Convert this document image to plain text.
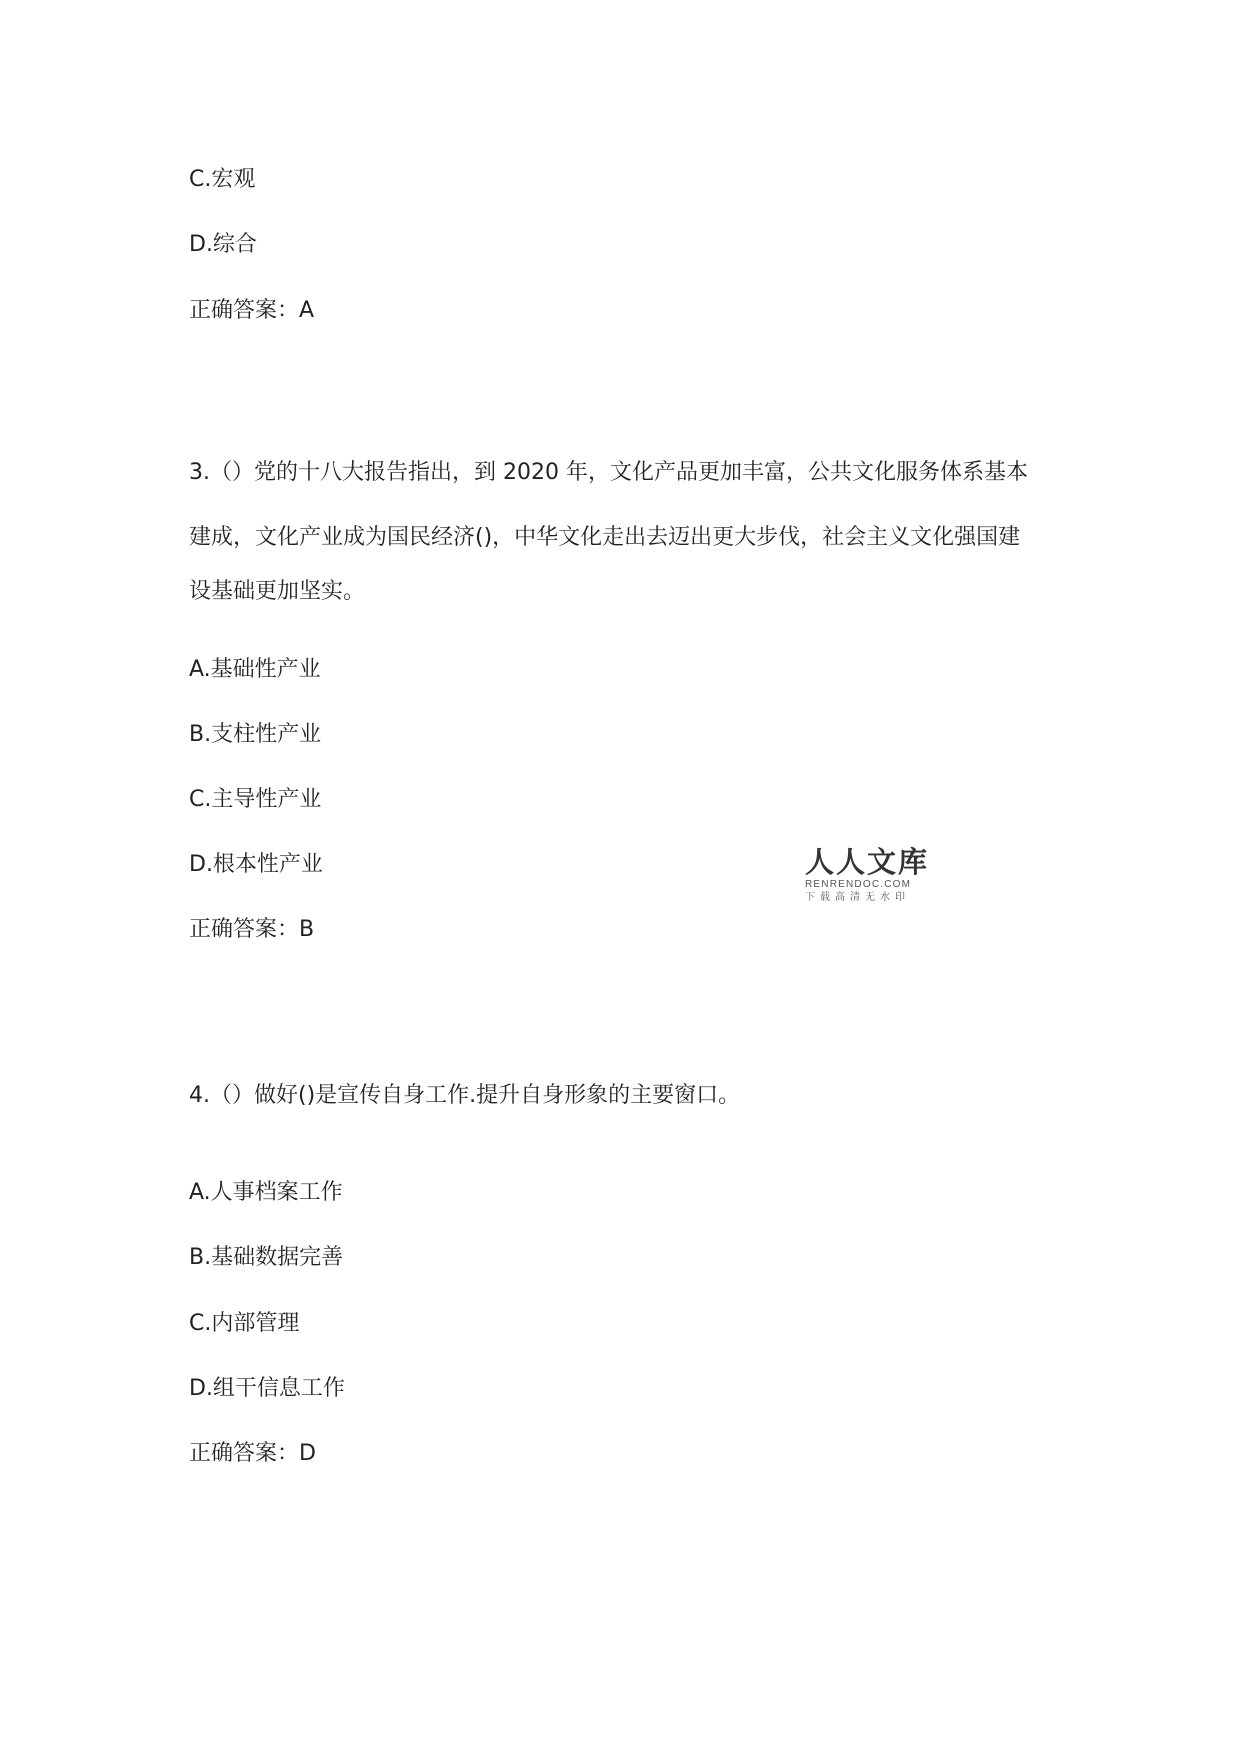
C.宏观
D.综合
正确答案：A
3.（）党的十八大报告指出，到 2020 年，文化产品更加丰富，公共文化服务体系基本
建成，文化产业成为国民经济()，中华文化走出去迈出更大步伐，社会主义文化强国建
设基础更加坚实。
A.基础性产业
B.支柱性产业
C.主导性产业
D.根本性产业
正确答案：B
4.（）做好()是宣传自身工作.提升自身形象的主要窗口。
A.人事档案工作
B.基础数据完善
C.内部管理
D.组干信息工作
正确答案：D
人人文库
RENRENDOC.COM
下载高清无水印
